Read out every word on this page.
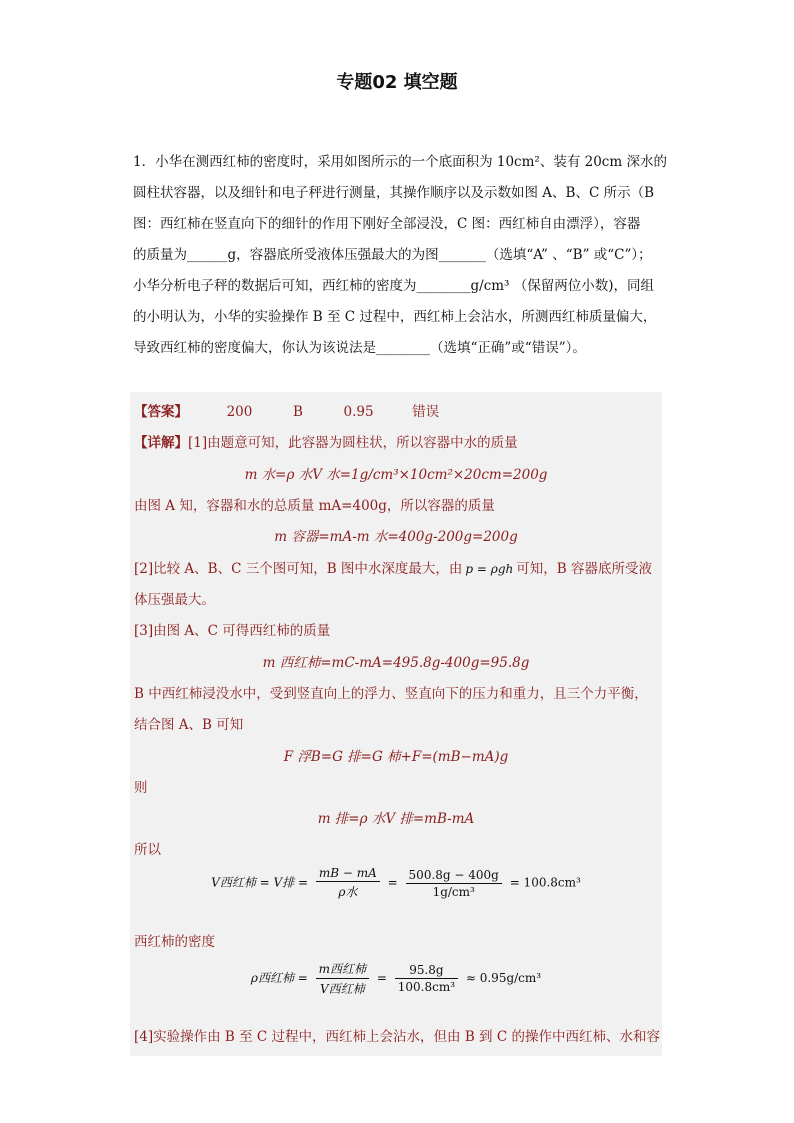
专题02 填空题
1．小华在测西红柿的密度时，采用如图所示的一个底面积为 10cm²、装有 20cm 深水的
圆柱状容器，以及细针和电子秤进行测量，其操作顺序以及示数如图 A、B、C 所示（B
图：西红柿在竖直向下的细针的作用下刚好全部浸没，C 图：西红柿自由漂浮），容器
的质量为______g，容器底所受液体压强最大的为图_______（选填“A” 、“B” 或“C”）；
小华分析电子秤的数据后可知，西红柿的密度为________g/cm³ （保留两位小数)，同组
的小明认为，小华的实验操作 B 至 C 过程中，西红柿上会沾水，所测西红柿质量偏大，
导致西红柿的密度偏大，你认为该说法是________（选填“正确”或“错误”）。
【答案】	200	B	0.95	错误
【详解】[1]由题意可知，此容器为圆柱状，所以容器中水的质量
m 水=ρ 水V 水=1g/cm³×10cm²×20cm=200g
由图 A 知，容器和水的总质量 mA=400g，所以容器的质量
m 容器=mA-m 水=400g-200g=200g
[2]比较 A、B、C 三个图可知，B 图中水深度最大，由 p = ρgh 可知，B 容器底所受液
体压强最大。
[3]由图 A、C 可得西红柿的质量
m 西红柿=mC-mA=495.8g-400g=95.8g
B 中西红柿浸没水中，受到竖直向上的浮力、竖直向下的压力和重力，且三个力平衡，
结合图 A、B 可知
F 浮B=G 排=G 柿+F=(mB−mA)g
则
m 排=ρ 水V 排=mB-mA
所以
V西红柿 = V排 = $\frac{mB - mA}{\text{ρ水}} = \frac{500.8g - 400g}{\text{1g/cm³}} = 100.8cm^3$
西红柿的密度
ρ西红柿 = $\frac{\text{m西红柿}}{\text{V西红柿}} = \frac{95.8g}{\text{100.8cm³}} \approx 0.95g/cm^3$
[4]实验操作由 B 至 C 过程中，西红柿上会沾水，但由 B 到 C 的操作中西红柿、水和容
